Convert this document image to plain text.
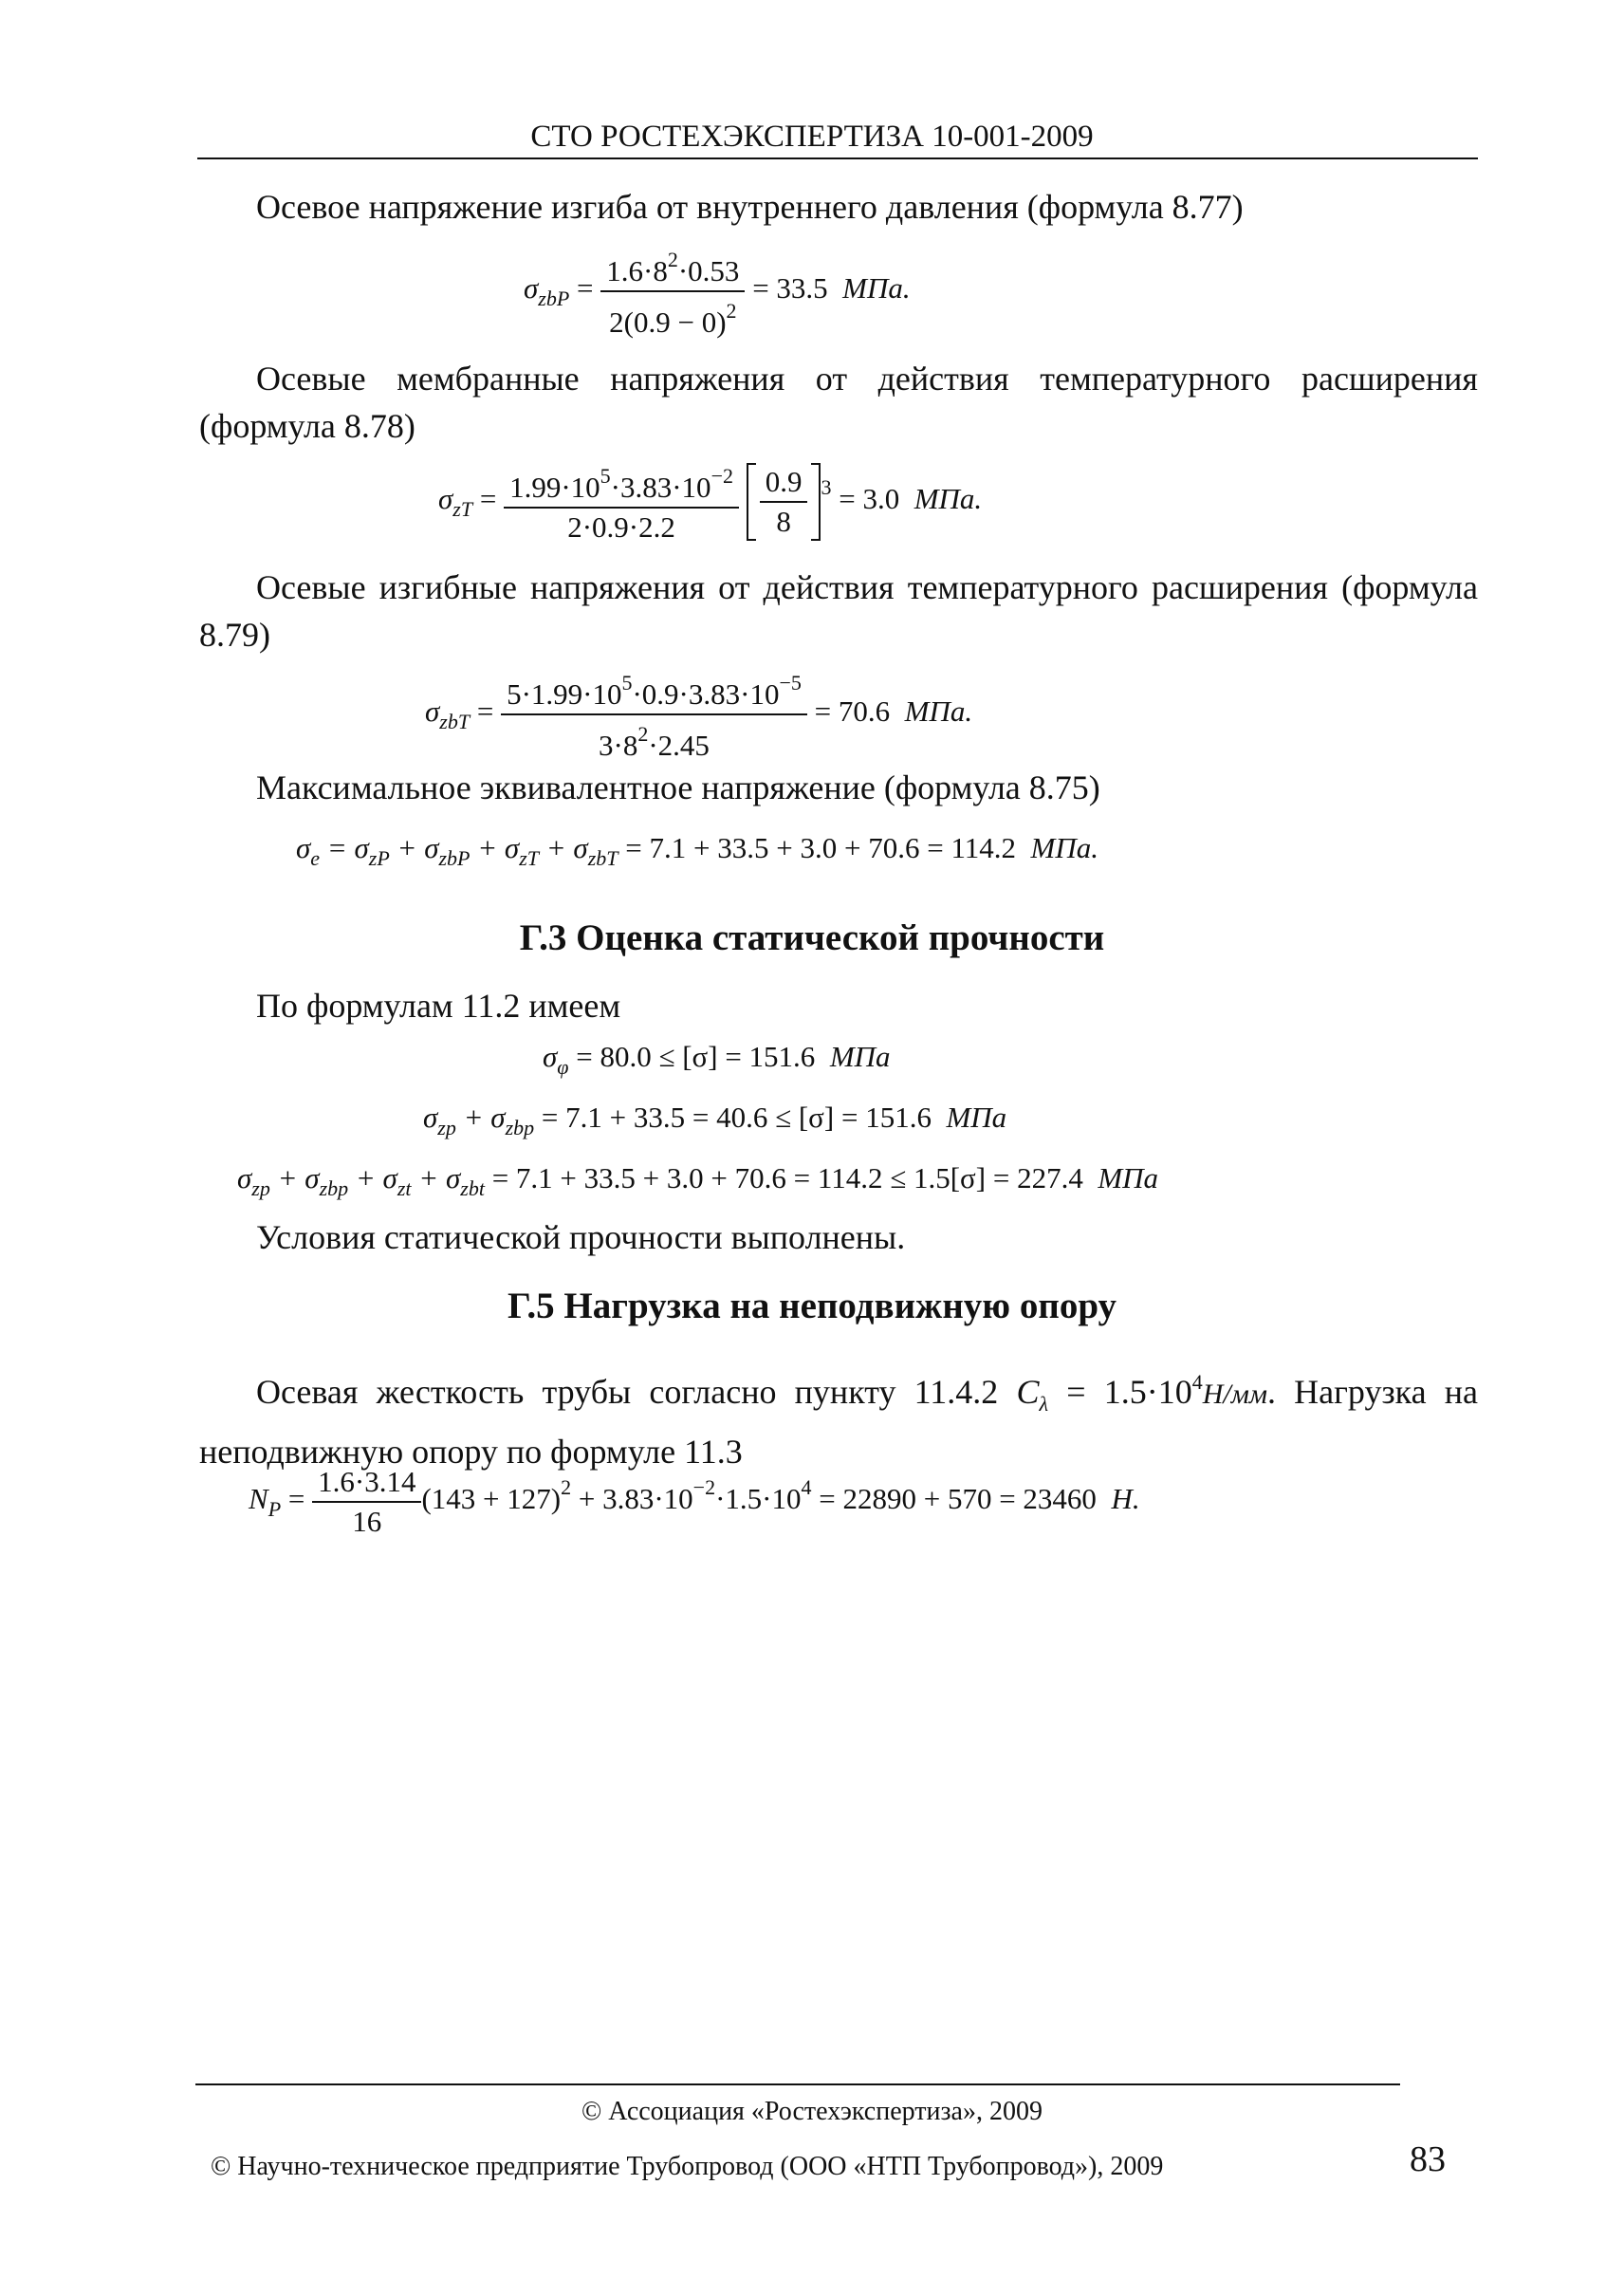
СТО РОСТЕХЭКСПЕРТИЗА 10-001-2009
Осевое напряжение изгиба от внутреннего давления (формула 8.77)
$\sigma_{zbP} = \frac{1.6\cdot 8^2\cdot 0.53}{2(0.9 - 0)^2} = 33.5$ МПа.
Осевые мембранные напряжения от действия температурного расширения (формула 8.78)
$\sigma_{zT} = \frac{1.99\cdot 10^5\cdot 3.83\cdot 10^{-2}}{2\cdot 0.9\cdot 2.2}$
$\frac{0.9}{8} ^3 = 3.0$ МПа.
Осевые изгибные напряжения от действия температурного расширения (формула 8.79)
$\sigma_{zbT} = \frac{5\cdot 1.99\cdot 10^5\cdot 0.9\cdot 3.83\cdot 10^{-5}}{3\cdot 8^2\cdot 2.45} = 70.6$ МПа.
Максимальное эквивалентное напряжение (формула 8.75)
$\sigma_e = \sigma_{zP} + \sigma_{zbP} + \sigma_{zT} + \sigma_{zbT} = 7.1 + 33.5 + 3.0 + 70.6 = 114.2$ МПа.
Г.3 Оценка статической прочности
По формулам 11.2 имеем
$\sigma_\varphi = 80.0 \le [\sigma] = 151.6$ МПа
$\sigma_{zp} + \sigma_{zbp} = 7.1 + 33.5 = 40.6 \le [\sigma] = 151.6$ МПа
$\sigma_{zp} + \sigma_{zbp} + \sigma_{zt} + \sigma_{zbt} = 7.1 + 33.5 + 3.0 + 70.6 = 114.2 \le 1.5[\sigma] = 227.4$ МПа
Условия статической прочности выполнены.
Г.5 Нагрузка на неподвижную опору
Осевая жесткость трубы согласно пункту 11.4.2 $C_\lambda = 1.5\cdot 10^4Н/мм$. Нагрузка на неподвижную опору по формуле 11.3
$N_P = \frac{1.6\cdot 3.14}{16} (143 + 127)^2 + 3.83\cdot 10^{-2}\cdot 1.5\cdot 10^4 = 22890 + 570 = 23460$ Н.
© Ассоциация «Ростехэкспертиза», 2009
© Научно-техническое предприятие Трубопровод (ООО «НТП Трубопровод»), 2009	83
